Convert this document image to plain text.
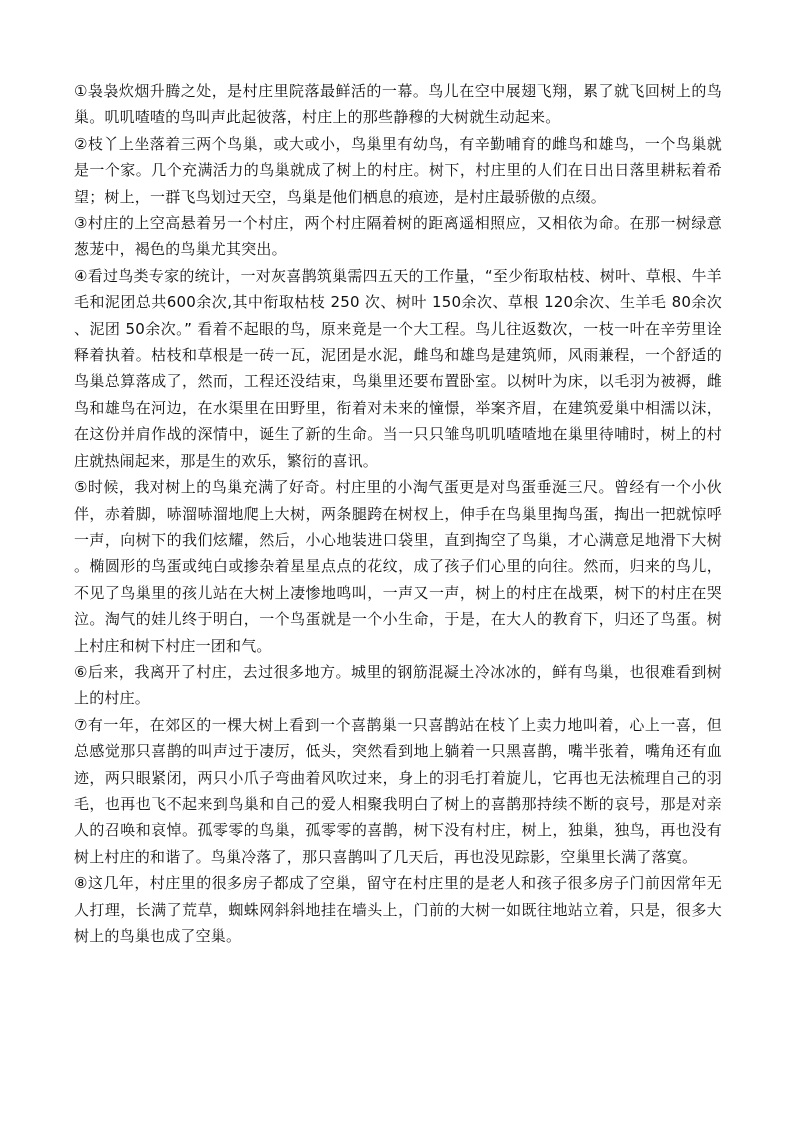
①袅袅炊烟升腾之处，是村庄里院落最鲜活的一幕。鸟儿在空中展翅飞翔，累了就飞回树上的鸟巢。叽叽喳喳的鸟叫声此起彼落，村庄上的那些静穆的大树就生动起来。

②枝丫上坐落着三两个鸟巢，或大或小，鸟巢里有幼鸟，有辛勤哺育的雌鸟和雄鸟，一个鸟巢就是一个家。几个充满活力的鸟巢就成了树上的村庄。树下，村庄里的人们在日出日落里耕耘着希望；树上，一群飞鸟划过天空，鸟巢是他们栖息的痕迹，是村庄最骄傲的点缀。

③村庄的上空高悬着另一个村庄，两个村庄隔着树的距离遥相照应，又相依为命。在那一树绿意葱茏中，褐色的鸟巢尤其突出。

④看过鸟类专家的统计，一对灰喜鹊筑巢需四五天的工作量，“至少衔取枯枝、树叶、草根、牛羊毛和泥团总共600余次,其中衔取枯枝 250 次、树叶 150余次、草根 120余次、生羊毛 80余次、泥团 50余次。” 看着不起眼的鸟，原来竟是一个大工程。鸟儿往返数次，一枝一叶在辛劳里诠释着执着。枯枝和草根是一砖一瓦，泥团是水泥，雌鸟和雄鸟是建筑师，风雨兼程，一个舒适的鸟巢总算落成了，然而，工程还没结束，鸟巢里还要布置卧室。以树叶为床，以毛羽为被褥，雌鸟和雄鸟在河边，在水渠里在田野里，衔着对未来的憧憬，举案齐眉，在建筑爱巢中相濡以沫，在这份并肩作战的深情中，诞生了新的生命。当一只只雏鸟叽叽喳喳地在巢里待哺时，树上的村庄就热闹起来，那是生的欢乐，繁衍的喜讯。

⑤时候，我对树上的鸟巢充满了好奇。村庄里的小淘气蛋更是对鸟蛋垂涎三尺。曾经有一个小伙伴，赤着脚，哧溜哧溜地爬上大树，两条腿跨在树杈上，伸手在鸟巢里掏鸟蛋，掏出一把就惊呼一声，向树下的我们炫耀，然后，小心地装进口袋里，直到掏空了鸟巢，才心满意足地滑下大树。椭圆形的鸟蛋或纯白或掺杂着星星点点的花纹，成了孩子们心里的向往。然而，归来的鸟儿，不见了鸟巢里的孩儿站在大树上凄惨地鸣叫，一声又一声，树上的村庄在战栗，树下的村庄在哭泣。淘气的娃儿终于明白，一个鸟蛋就是一个小生命，于是，在大人的教育下，归还了鸟蛋。树上村庄和树下村庄一团和气。

⑥后来，我离开了村庄，去过很多地方。城里的钢筋混凝土冷冰冰的，鲜有鸟巢，也很难看到树上的村庄。

⑦有一年，在郊区的一棵大树上看到一个喜鹊巢一只喜鹊站在枝丫上卖力地叫着，心上一喜，但总感觉那只喜鹊的叫声过于凄厉，低头，突然看到地上躺着一只黑喜鹊，嘴半张着，嘴角还有血迹，两只眼紧闭，两只小爪子弯曲着风吹过来，身上的羽毛打着旋儿，它再也无法梳理自己的羽毛，也再也飞不起来到鸟巢和自己的爱人相聚我明白了树上的喜鹊那持续不断的哀号，那是对亲人的召唤和哀悼。孤零零的鸟巢，孤零零的喜鹊，树下没有村庄，树上，独巢，独鸟，再也没有树上村庄的和谐了。鸟巢冷落了，那只喜鹊叫了几天后，再也没见踪影，空巢里长满了落寞。

⑧这几年，村庄里的很多房子都成了空巢，留守在村庄里的是老人和孩子很多房子门前因常年无人打理，长满了荒草，蜘蛛网斜斜地挂在墙头上，门前的大树一如既往地站立着，只是，很多大树上的鸟巢也成了空巢。
